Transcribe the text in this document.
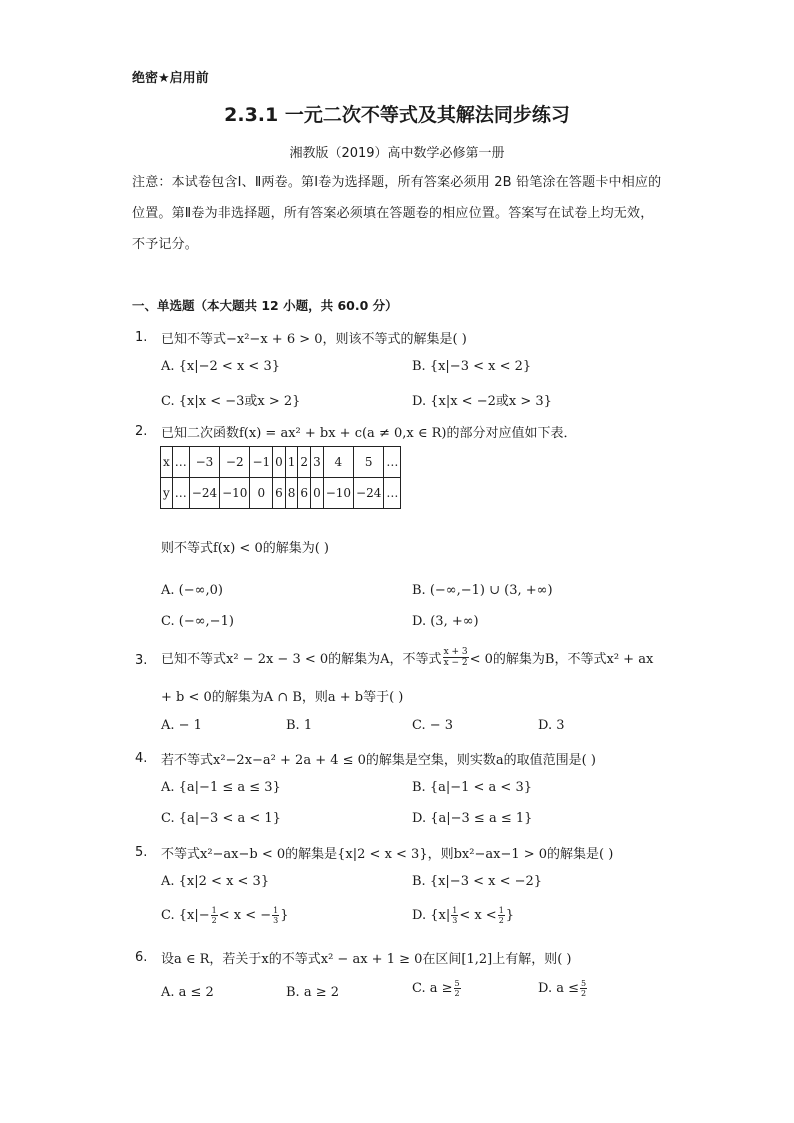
绝密★启用前
2.3.1 一元二次不等式及其解法同步练习
湘教版（2019）高中数学必修第一册
注意：本试卷包含Ⅰ、Ⅱ两卷。第Ⅰ卷为选择题，所有答案必须用 2B 铅笔涂在答题卡中相应的位置。第Ⅱ卷为非选择题，所有答案必须填在答题卷的相应位置。答案写在试卷上均无效，不予记分。
一、单选题（本大题共 12 小题，共 60.0 分）
1. 已知不等式−x²−x + 6 > 0，则该不等式的解集是( )
A. {x|−2 < x < 3}	B. {x|−3 < x < 2}
C. {x|x < −3或x > 2}	D. {x|x < −2或x > 3}
2. 已知二次函数f(x) = ax² + bx + c(a ≠ 0,x ∈ R)的部分对应值如下表．
x	…	−3	−2	−1	0	1	2	3	4	5	…
y	…	−24	−10	0	6	8	6	0	−10	−24	…
则不等式f(x) < 0的解集为( )
A. (−∞,0)	B. (−∞,−1) ∪ (3, +∞)
C. (−∞,−1)	D. (3, +∞)
3. 已知不等式x² − 2x − 3 < 0的解集为A，不等式 $\frac{x + 3}{x - 2} < 0$的解集为B，不等式x² + ax
+ b < 0的解集为A ∩ B，则a + b等于( )
A. − 1	B. 1	C. − 3	D. 3
4. 若不等式x²−2x−a² + 2a + 4 ≤ 0的解集是空集，则实数a的取值范围是( )
A. {a|−1 ≤ a ≤ 3}	B. {a|−1 < a < 3}
C. {a|−3 < a < 1}	D. {a|−3 ≤ a ≤ 1}
5. 不等式x²−ax−b < 0的解集是{x|2 < x < 3}，则bx²−ax−1 > 0的解集是( )
A. {x|2 < x < 3}	B. {x|−3 < x < −2}
C. {$x|- \frac{1}{2} < x$ < − $\frac{1}{3}$ }	D. {$x| \frac{1}{3} < x < \frac{1}{2}$ }
6. 设a ∈ R，若关于x的不等式x² − ax + 1 ≥ 0在区间[1,2]上有解，则( )
A. a ≤ 2	B. a ≥ 2	C. $a \ge \frac{5}{2}$	D. $a \le \frac{5}{2}$
